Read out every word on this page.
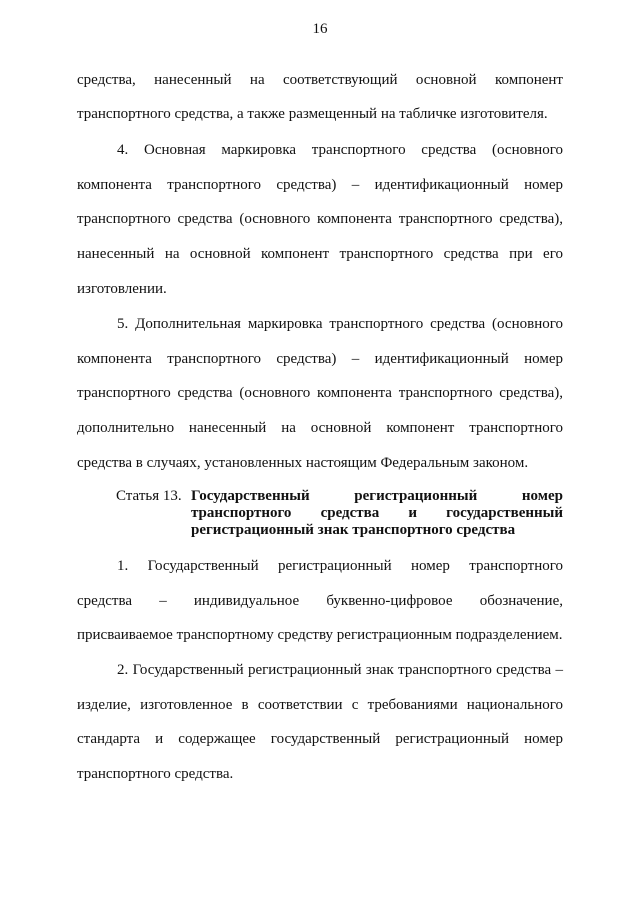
16
средства, нанесенный на соответствующий основной компонент
транспортного средства, а также размещенный на табличке изготовителя.
4. Основная маркировка транспортного средства (основного
компонента транспортного средства) – идентификационный номер
транспортного средства (основного компонента транспортного средства),
нанесенный на основной компонент транспортного средства при его
изготовлении.
5. Дополнительная маркировка транспортного средства (основного
компонента транспортного средства) – идентификационный номер
транспортного средства (основного компонента транспортного средства),
дополнительно нанесенный на основной компонент транспортного
средства в случаях, установленных настоящим Федеральным законом.
Статья 13. Государственный регистрационный номер
транспортного средства и государственный
регистрационный знак транспортного средства
1. Государственный регистрационный номер транспортного
средства – индивидуальное буквенно-цифровое обозначение,
присваиваемое транспортному средству регистрационным подразделением.
2. Государственный регистрационный знак транспортного средства –
изделие, изготовленное в соответствии с требованиями национального
стандарта и содержащее государственный регистрационный номер
транспортного средства.
